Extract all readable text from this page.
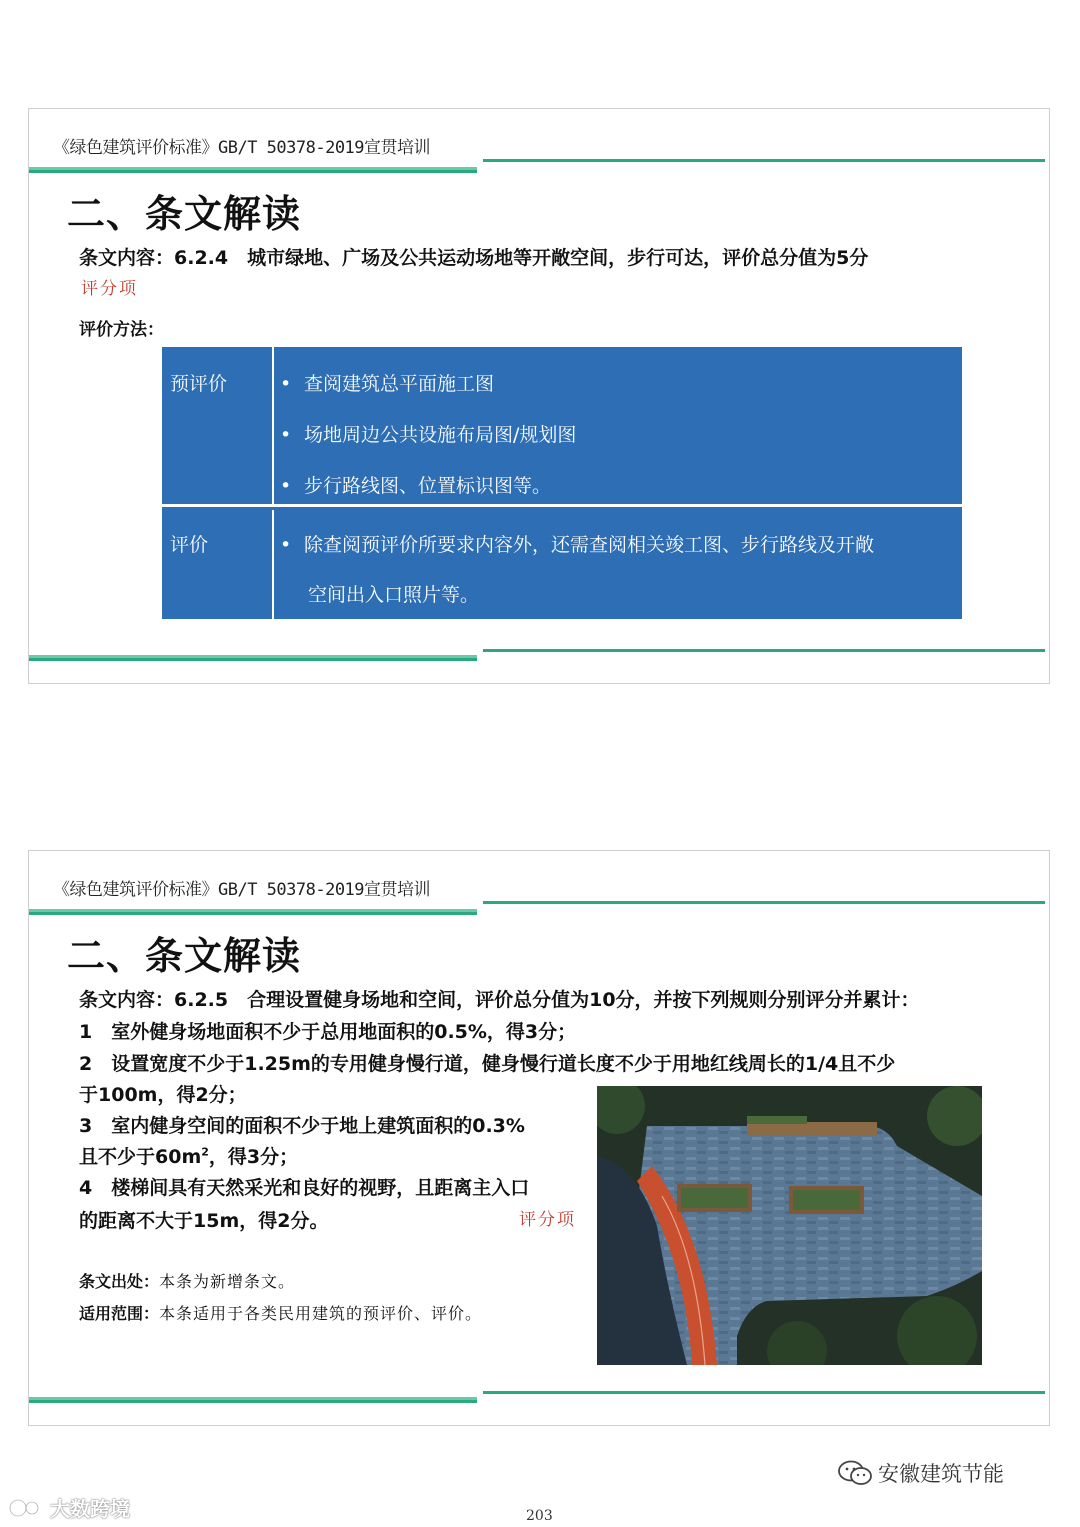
《绿色建筑评价标准》GB/T 50378-2019宣贯培训
二、条文解读
条文内容：6.2.4　城市绿地、广场及公共运动场地等开敞空间，步行可达，评价总分值为5分
评分项
评价方法：
预评价	• 查阅建筑总平面施工图
• 场地周边公共设施布局图/规划图
• 步行路线图、位置标识图等。
评价	• 除查阅预评价所要求内容外，还需查阅相关竣工图、步行路线及开敞
空间出入口照片等。
《绿色建筑评价标准》GB/T 50378-2019宣贯培训
二、条文解读
条文内容：6.2.5　合理设置健身场地和空间，评价总分值为10分，并按下列规则分别评分并累计：
1　室外健身场地面积不少于总用地面积的0.5%，得3分；
2　设置宽度不少于1.25m的专用健身慢行道，健身慢行道长度不少于用地红线周长的1/4且不少
于100m，得2分；
3　室内健身空间的面积不少于地上建筑面积的0.3%
且不少于$60m^2$，得3分；
4　楼梯间具有天然采光和良好的视野，且距离主入口
的距离不大于15m，得2分。	评分项
条文出处：本条为新增条文。
适用范围：本条适用于各类民用建筑的预评价、评价。
安徽建筑节能
大数跨境	203
